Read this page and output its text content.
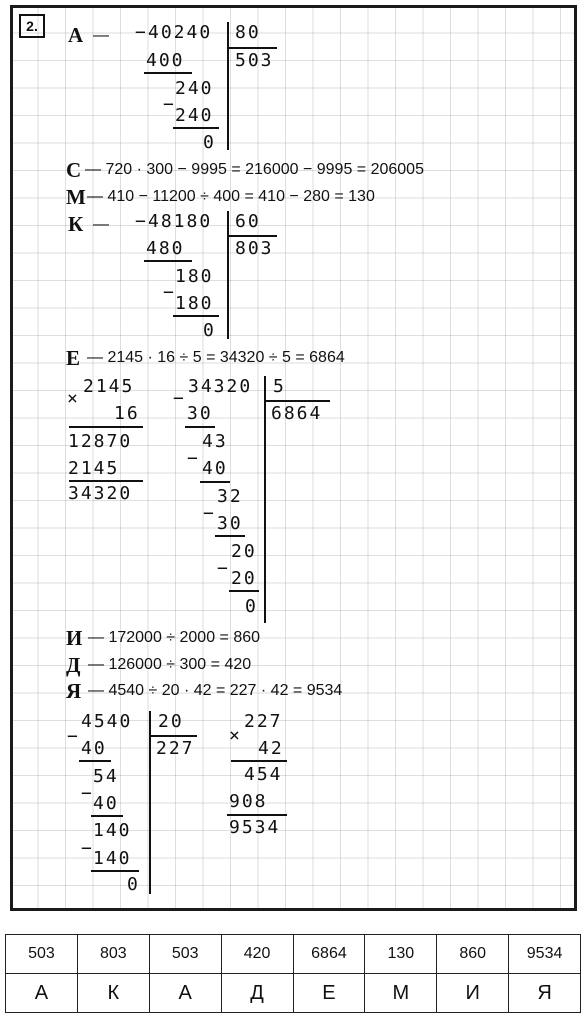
2.	А — − 40240 80
503
400
240
−
240
0
С — 720 · 300 − 9995 = 216000 − 9995 = 206005
М — 410 − 11200 ÷ 400 = 410 − 280 = 130
К — − 48180 60
803
480
180
−
180
0
Е — 2145 · 16 ÷ 5 = 34320 ÷ 5 = 6864
×
2145
16
12870
2145
34320
−
34320 5
6864
30
43
− 40
32
− 30
20
− 20
0
И — 172000 ÷ 2000 = 860
Д — 126000 ÷ 300 = 420
Я — 4540 ÷ 20 · 42 = 227 · 42 = 9534
−
4540 20
227
40
54
− 40
140
− 140
0
×
227
42
454
908
9534
503	803	503	420	6864	130	860	9534
А	К	А	Д	Е	М	И	Я
